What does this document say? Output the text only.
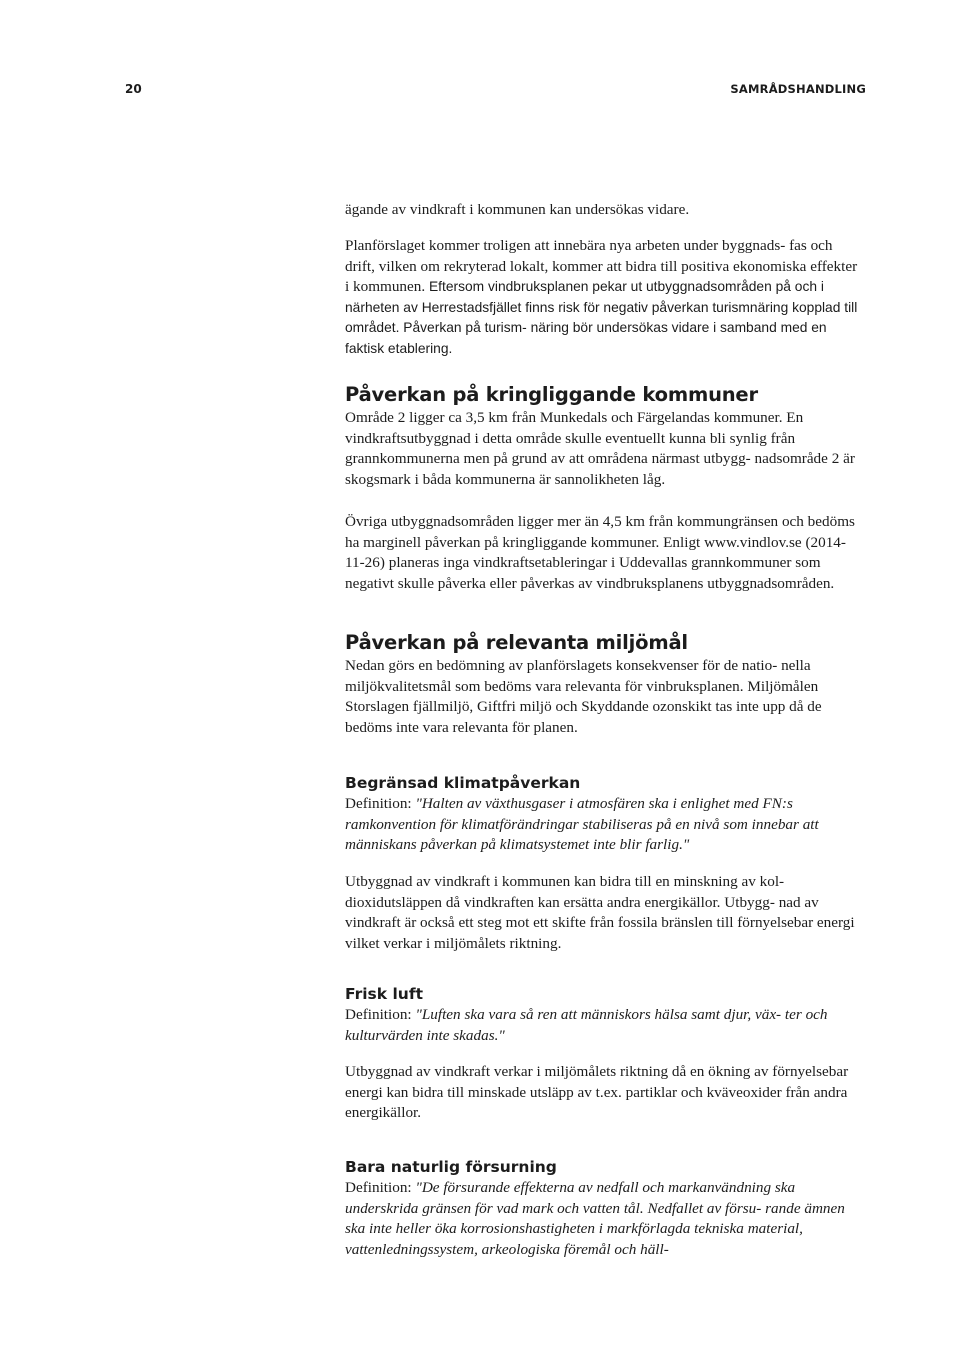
20	SAMRÅDSHANDLING

ägande av vindkraft i kommunen kan undersökas vidare.

Planförslaget kommer troligen att innebära nya arbeten under byggnads- fas och drift, vilken om rekryterad lokalt, kommer att bidra till positiva ekonomiska effekter i kommunen. Eftersom vindbruksplanen pekar ut utbyggnadsområden på och i närheten av Herrestadsfjället finns risk för negativ påverkan turismnäring kopplad till området. Påverkan på turism- näring bör undersökas vidare i samband med en faktisk etablering.

Påverkan på kringliggande kommuner

Område 2 ligger ca 3,5 km från Munkedals och Färgelandas kommuner. En vindkraftsutbyggnad i detta område skulle eventuellt kunna bli synlig från grannkommunerna men på grund av att områdena närmast utbygg- nadsområde 2 är skogsmark i båda kommunerna är sannolikheten låg.

Övriga utbyggnadsområden ligger mer än 4,5 km från kommungränsen och bedöms ha marginell påverkan på kringliggande kommuner. Enligt www.vindlov.se (2014-11-26) planeras inga vindkraftsetableringar i Uddevallas grannkommuner som negativt skulle påverka eller påverkas av vindbruksplanens utbyggnadsområden.

Påverkan på relevanta miljömål

Nedan görs en bedömning av planförslagets konsekvenser för de natio- nella miljökvalitetsmål som bedöms vara relevanta för vinbruksplanen. Miljömålen Storslagen fjällmiljö, Giftfri miljö och Skyddande ozonskikt tas inte upp då de bedöms inte vara relevanta för planen.

Begränsad klimatpåverkan

Definition: "Halten av växthusgaser i atmosfären ska i enlighet med FN:s ramkonvention för klimatförändringar stabiliseras på en nivå som innebar att människans påverkan på klimatsystemet inte blir farlig."

Utbyggnad av vindkraft i kommunen kan bidra till en minskning av kol- dioxidutsläppen då vindkraften kan ersätta andra energikällor. Utbygg- nad av vindkraft är också ett steg mot ett skifte från fossila bränslen till förnyelsebar energi vilket verkar i miljömålets riktning.

Frisk luft

Definition: "Luften ska vara så ren att människors hälsa samt djur, väx- ter och kulturvärden inte skadas."

Utbyggnad av vindkraft verkar i miljömålets riktning då en ökning av förnyelsebar energi kan bidra till minskade utsläpp av t.ex. partiklar och kväveoxider från andra energikällor.

Bara naturlig försurning

Definition: "De försurande effekterna av nedfall och markanvändning ska underskrida gränsen för vad mark och vatten tål. Nedfallet av försu- rande ämnen ska inte heller öka korrosionshastigheten i markförlagda tekniska material, vattenledningssystem, arkeologiska föremål och häll-
